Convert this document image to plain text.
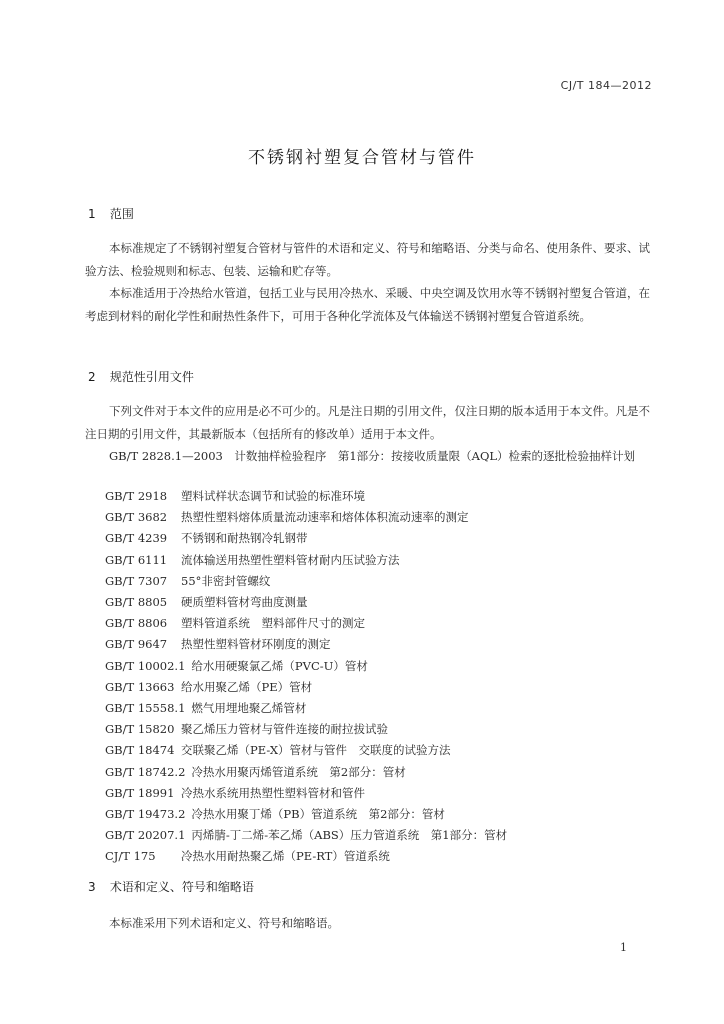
CJ/T 184—2012
不锈钢衬塑复合管材与管件
1 范围

本标准规定了不锈钢衬塑复合管材与管件的术语和定义、符号和缩略语、分类与命名、使用条件、要求、试验方法、检验规则和标志、包装、运输和贮存等。

本标准适用于冷热给水管道，包括工业与民用冷热水、采暖、中央空调及饮用水等不锈钢衬塑复合管道，在考虑到材料的耐化学性和耐热性条件下，可用于各种化学流体及气体输送不锈钢衬塑复合管道系统。

2 规范性引用文件

下列文件对于本文件的应用是必不可少的。凡是注日期的引用文件，仅注日期的版本适用于本文件。凡是不注日期的引用文件，其最新版本（包括所有的修改单）适用于本文件。

GB/T 2828.1—2003　计数抽样检验程序　第1部分：按接收质量限（AQL）检索的逐批检验抽样计划

GB/T 2918 塑料试样状态调节和试验的标准环境
GB/T 3682 热塑性塑料熔体质量流动速率和熔体体积流动速率的测定
GB/T 4239 不锈钢和耐热钢冷轧钢带
GB/T 6111 流体输送用热塑性塑料管材耐内压试验方法
GB/T 7307 55°非密封管螺纹
GB/T 8805 硬质塑料管材弯曲度测量
GB/T 8806 塑料管道系统　塑料部件尺寸的测定
GB/T 9647 热塑性塑料管材环刚度的测定
GB/T 10002.1 给水用硬聚氯乙烯（PVC-U）管材
GB/T 13663 给水用聚乙烯（PE）管材
GB/T 15558.1 燃气用埋地聚乙烯管材
GB/T 15820 聚乙烯压力管材与管件连接的耐拉拔试验
GB/T 18474 交联聚乙烯（PE-X）管材与管件　交联度的试验方法
GB/T 18742.2 冷热水用聚丙烯管道系统　第2部分：管材
GB/T 18991 冷热水系统用热塑性塑料管材和管件
GB/T 19473.2 冷热水用聚丁烯（PB）管道系统　第2部分：管材
GB/T 20207.1 丙烯腈-丁二烯-苯乙烯（ABS）压力管道系统　第1部分：管材
CJ/T 175 冷热水用耐热聚乙烯（PE-RT）管道系统
3 术语和定义、符号和缩略语

本标准采用下列术语和定义、符号和缩略语。

1
